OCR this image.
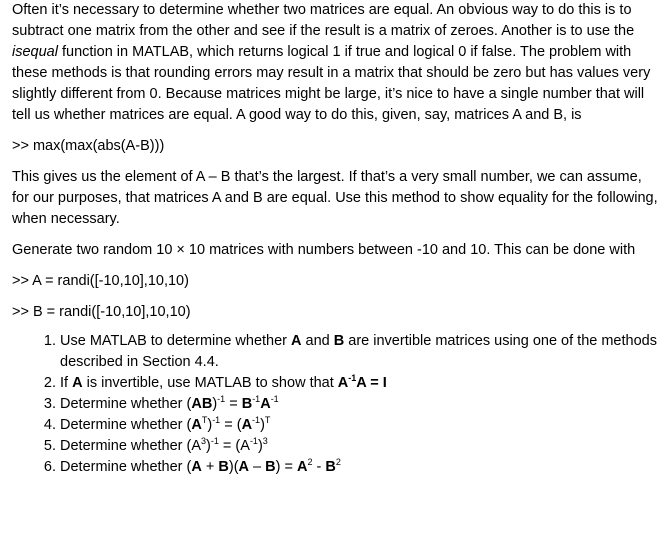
Often it’s necessary to determine whether two matrices are equal. An obvious way to do this is to subtract one matrix from the other and see if the result is a matrix of zeroes. Another is to use the isequal function in MATLAB, which returns logical 1 if true and logical 0 if false. The problem with these methods is that rounding errors may result in a matrix that should be zero but has values very slightly different from 0. Because matrices might be large, it’s nice to have a single number that will tell us whether matrices are equal. A good way to do this, given, say, matrices A and B, is

>> max(max(abs(A-B)))

This gives us the element of A – B that’s the largest. If that’s a very small number, we can assume, for our purposes, that matrices A and B are equal. Use this method to show equality for the following, when necessary.

Generate two random 10 × 10 matrices with numbers between -10 and 10. This can be done with

>> A = randi([-10,10],10,10)

>> B = randi([-10,10],10,10)

1. Use MATLAB to determine whether A and B are invertible matrices using one of the methods described in Section 4.4.
2. If A is invertible, use MATLAB to show that $A^{-1}A = I$
3. Determine whether $(AB)^{-1} = B^{-1}A^{-1}$
4. Determine whether $(A^T)^{-1} = (A^{-1})^T$
5. Determine whether $(A^3)^{-1} = (A^{-1})^3$
6. Determine whether $(A + B)(A - B) = A^2 - B^2$
